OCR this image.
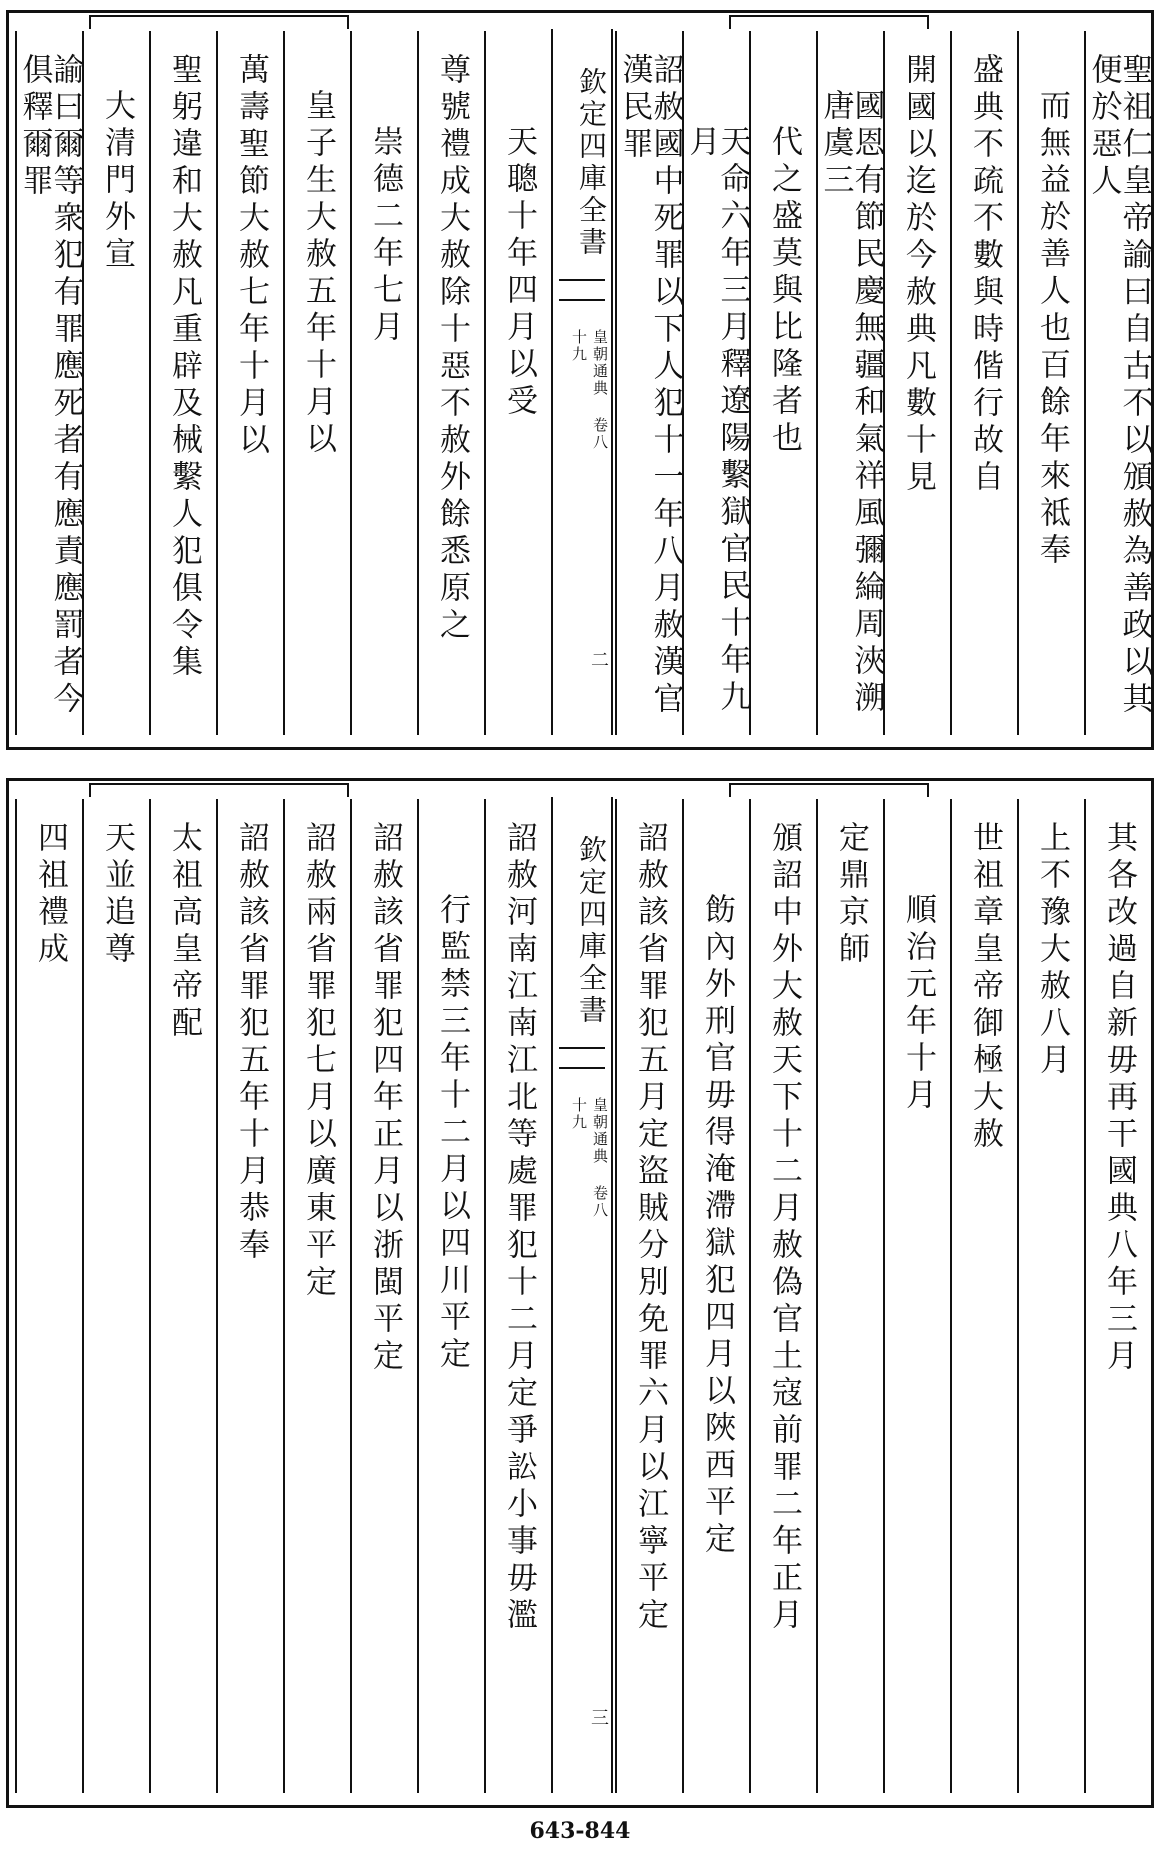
聖祖仁皇帝諭曰自古不以頒赦為善政以其便於惡人
而無益於善人也百餘年來祗奉
盛典不疏不數與時偕行故自
開國以迄於今赦典凡數十見
國恩有節民慶無疆和氣祥風彌綸周浹溯唐虞三
代之盛莫與比隆者也
天命六年三月釋遼陽繫獄官民十年九月
詔赦國中死罪以下人犯十一年八月赦漢官漢民罪
欽定四庫全書
皇朝通典 卷八十九
二
天聰十年四月以受
尊號禮成大赦除十惡不赦外餘悉原之
崇德二年七月
皇子生大赦五年十月以
萬壽聖節大赦七年十月以
聖躬違和大赦凡重辟及械繫人犯俱令集
大清門外宣
諭曰爾等衆犯有罪應死者有應責應罰者今俱釋爾罪
其各改過自新毋再干國典八年三月
上不豫大赦八月
世祖章皇帝御極大赦
順治元年十月
定鼎京師
頒詔中外大赦天下十二月赦偽官土寇前罪二年正月
飭內外刑官毋得淹滯獄犯四月以陜西平定
詔赦該省罪犯五月定盜賊分別免罪六月以江寧平定
欽定四庫全書
皇朝通典 卷八十九
三
詔赦河南江南江北等處罪犯十二月定爭訟小事毋濫
行監禁三年十二月以四川平定
詔赦該省罪犯四年正月以浙閩平定
詔赦兩省罪犯七月以廣東平定
詔赦該省罪犯五年十月恭奉
太祖高皇帝配
天並追尊
四祖禮成
643-844
